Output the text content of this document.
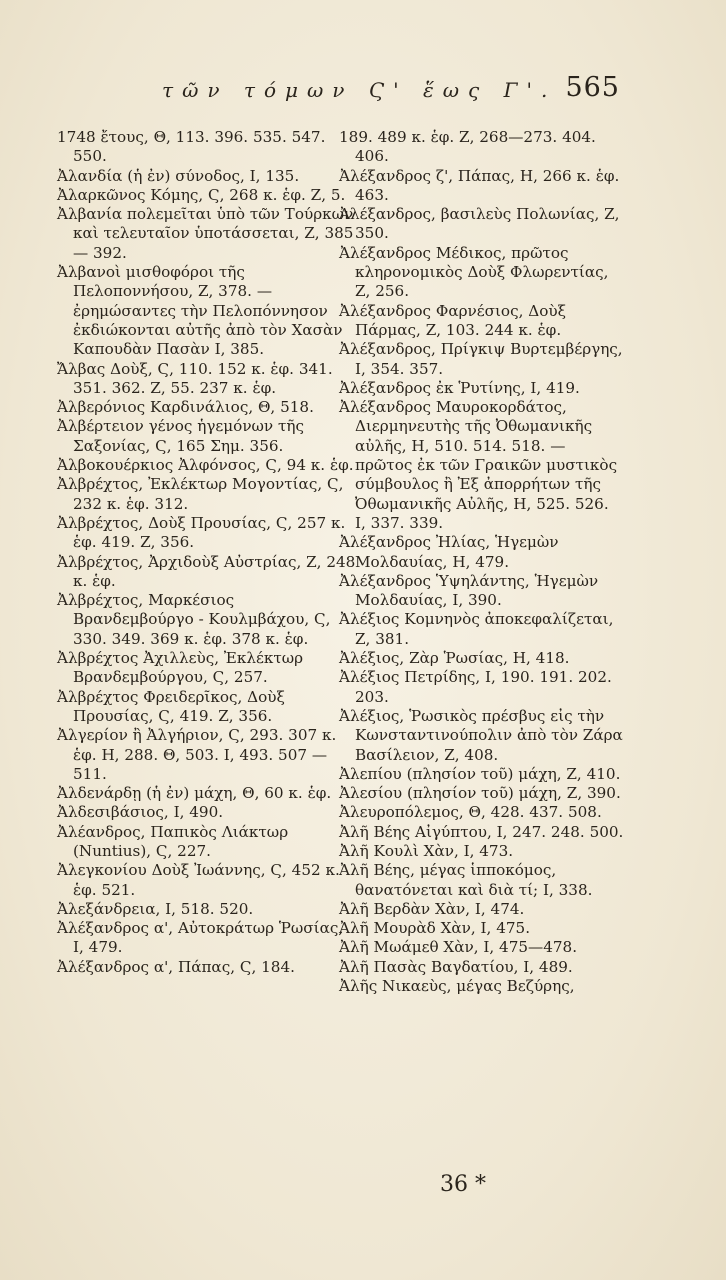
τῶν τόμων Ϛ' ἕως Γ'. 565
1748 ἔτους, Θ, 113. 396. 535. 547. 550.
Ἀλανδία (ἡ ἐν) σύνοδος, Ι, 135.
Ἀλαρκῶνος Κόμης, Ϛ, 268 κ. ἑφ. Ζ, 5.
Ἀλβανία πολεμεῖται ὑπὸ τῶν Τούρκων καὶ τελευταῖον ὑποτάσσεται, Ζ, 385 — 392.
Ἀλβανοὶ μισθοφόροι τῆς Πελοποννήσου, Ζ, 378. — ἐρημώσαντες τὴν Πελοπόννησον ἐκδιώκονται αὐτῆς ἀπὸ τὸν Χασὰν Καπουδὰν Πασὰν Ι, 385.
Ἄλβας Δοὺξ, Ϛ, 110. 152 κ. ἑφ. 341. 351. 362. Ζ, 55. 237 κ. ἑφ.
Ἀλβερόνιος Καρδινάλιος, Θ, 518.
Ἀλβέρτειον γένος ἡγεμόνων τῆς Σαξονίας, Ϛ, 165 Σημ. 356.
Ἀλβοκουέρκιος Ἀλφόνσος, Ϛ, 94 κ. ἑφ.
Ἀλβρέχτος, Ἐκλέκτωρ Μογοντίας, Ϛ, 232 κ. ἑφ. 312.
Ἀλβρέχτος, Δοὺξ Προυσίας, Ϛ, 257 κ. ἑφ. 419. Ζ, 356.
Ἀλβρέχτος, Ἀρχιδοὺξ Αὐστρίας, Ζ, 248 κ. ἑφ.
Ἀλβρέχτος, Μαρκέσιος Βρανδεμβούργο - Κουλμβάχου, Ϛ, 330. 349. 369 κ. ἑφ. 378 κ. ἑφ.
Ἀλβρέχτος Ἀχιλλεὺς, Ἐκλέκτωρ Βρανδεμβούργου, Ϛ, 257.
Ἀλβρέχτος Φρειδερῖκος, Δοὺξ Προυσίας, Ϛ, 419. Ζ, 356.
Ἀλγερίον ἢ Ἀλγήριον, Ϛ, 293. 307 κ. ἑφ. Η, 288. Θ, 503. Ι, 493. 507 — 511.
Ἀλδενάρδῃ (ἡ ἐν) μάχη, Θ, 60 κ. ἑφ.
Ἀλδεσιβάσιος, Ι, 490.
Ἀλέανδρος, Παπικὸς Λιάκτωρ (Nuntius), Ϛ, 227.
Ἀλεγκονίου Δοὺξ Ἰωάννης, Ϛ, 452 κ. ἑφ. 521.
Ἀλεξάνδρεια, Ι, 518. 520.
Ἀλέξανδρος α', Αὐτοκράτωρ Ῥωσίας, Ι, 479.
Ἀλέξανδρος α', Πάπας, Ϛ, 184.
189. 489 κ. ἑφ. Ζ, 268—273. 404. 406.
Ἀλέξανδρος ζ', Πάπας, Η, 266 κ. ἑφ. 463.
Ἀλέξανδρος, βασιλεὺς Πολωνίας, Ζ, 350.
Ἀλέξανδρος Μέδικος, πρῶτος κληρονομικὸς Δοὺξ Φλωρεντίας, Ζ, 256.
Ἀλέξανδρος Φαρνέσιος, Δοὺξ Πάρμας, Ζ, 103. 244 κ. ἑφ.
Ἀλέξανδρος, Πρίγκιψ Βυρτεμβέργης, Ι, 354. 357.
Ἀλέξανδρος ἐκ Ῥυτίνης, Ι, 419.
Ἀλέξανδρος Μαυροκορδάτος, Διερμηνευτὴς τῆς Ὀθωμανικῆς αὐλῆς, Η, 510. 514. 518. — πρῶτος ἐκ τῶν Γραικῶν μυστικὸς σύμβουλος ἢ Ἐξ ἀπορρήτων τῆς Ὀθωμανικῆς Αὐλῆς, Η, 525. 526. Ι, 337. 339.
Ἀλέξανδρος Ἠλίας, Ἡγεμὼν Μολδαυίας, Η, 479.
Ἀλέξανδρος Ὑψηλάντης, Ἡγεμὼν Μολδαυίας, Ι, 390.
Ἀλέξιος Κομνηνὸς ἀποκεφαλίζεται, Ζ, 381.
Ἀλέξιος, Ζὰρ Ῥωσίας, Η, 418.
Ἀλέξιος Πετρίδης, Ι, 190. 191. 202. 203.
Ἀλέξιος, Ῥωσικὸς πρέσβυς εἰς τὴν Κωνσταντινούπολιν ἀπὸ τὸν Ζάρα Βασίλειον, Ζ, 408.
Ἀλεπίου (πλησίον τοῦ) μάχη, Ζ, 410.
Ἀλεσίου (πλησίον τοῦ) μάχη, Ζ, 390.
Ἀλευροπόλεμος, Θ, 428. 437. 508.
Ἀλῆ Βέης Αἰγύπτου, Ι, 247. 248. 500.
Ἀλῆ Κουλὶ Χὰν, Ι, 473.
Ἀλῆ Βέης, μέγας ἱπποκόμος, θανατόνεται καὶ διὰ τί; Ι, 338.
Ἀλῆ Βερδὰν Χὰν, Ι, 474.
Ἀλῆ Μουρὰδ Χὰν, Ι, 475.
Ἀλῆ Μωάμεθ Χὰν, Ι, 475—478.
Ἀλῆ Πασὰς Βαγδατίου, Ι, 489.
Ἀλῆς Νικαεὺς, μέγας Βεζύρης,
36 *
